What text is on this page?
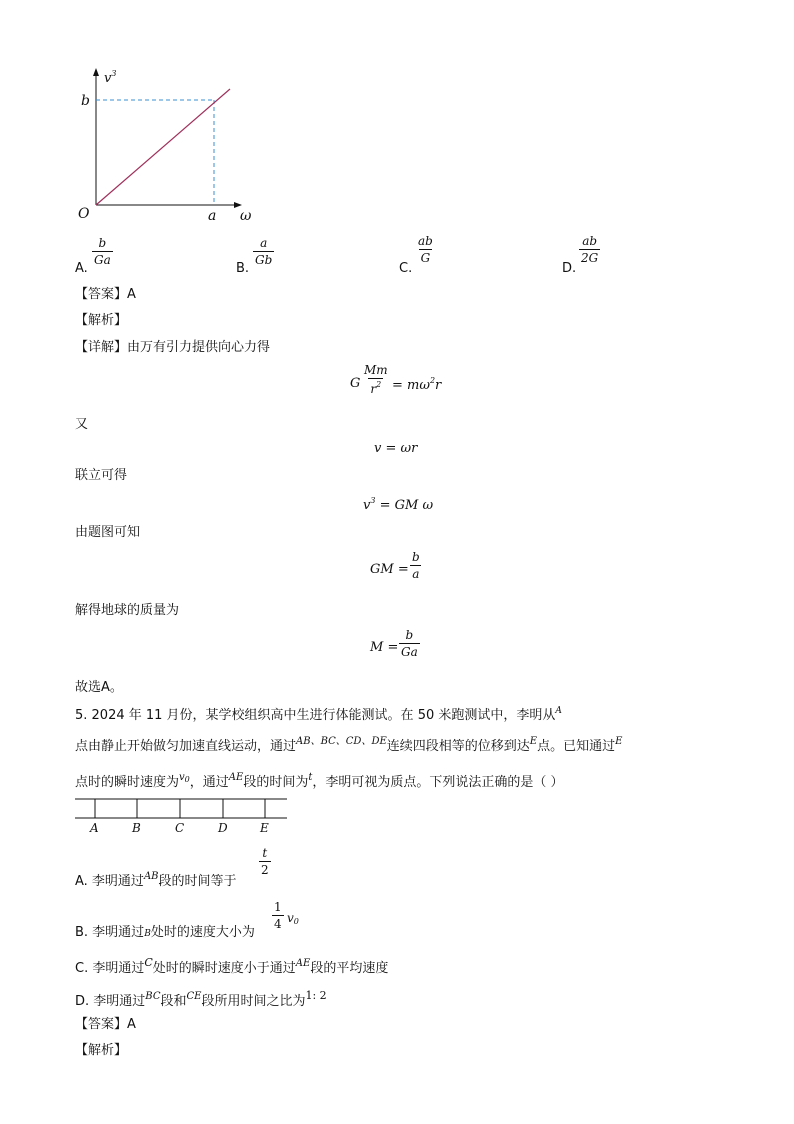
$v^3$
b
O	a ω
A.
$\frac{b}{Ga}$
B.
$\frac{a}{Gb}$
C.
$\frac{ab}{G}$
D.
$\frac{ab}{2G}$
【答案】A
【解析】
【详解】由万有引力提供向心力得
G $\frac{Mm}{r^2} = m\omega^2r$
又
v = ωr
联立可得
$v^3$ = GM ω
由题图可知
GM = $\frac{b}{a}$
解得地球的质量为
$M = \frac{b}{Ga}$
故选A。
5. 2024 年 11 月份，某学校组织高中生进行体能测试。在 50 米跑测试中，李明从$^A$
点由静止开始做匀加速直线运动，通过$^{AB、BC、CD、DE}$连续四段相等的位移到达$^E$点。已知通过$^E$
点时的瞬时速度为$^{v_0}$，通过$^{AE}$段的时间为$^t$，李明可视为质点。下列说法正确的是（ ）
A	B	C	D	E
A. 李明通过$^{AB}$段的时间等于
$\frac{t}{2}$
B. 李明通过B处时的速度大小为
$\frac{1}{4} v_0$
C. 李明通过$^C$处时的瞬时速度小于通过$^{AE}$段的平均速度
D. 李明通过$^{BC}$段和$^{CE}$段所用时间之比为$^{1: 2}$
【答案】A
【解析】
